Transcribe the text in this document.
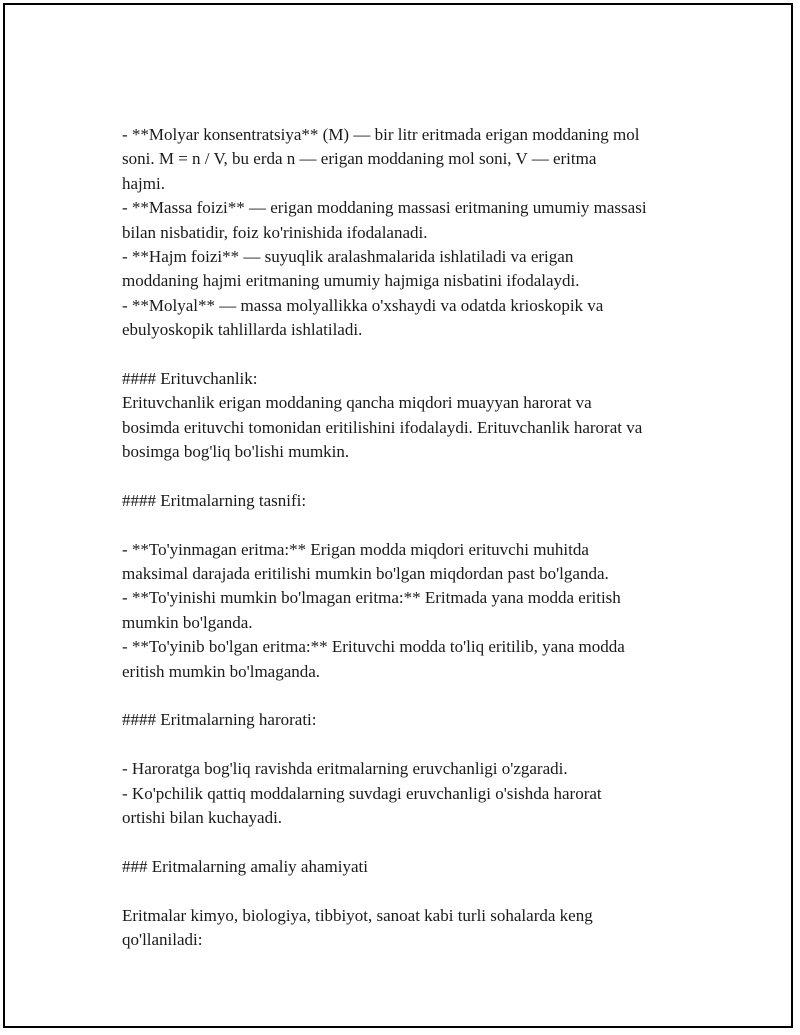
- **Molyar konsentratsiya** (M) — bir litr eritmada erigan moddaning mol
soni. M = n / V, bu erda n — erigan moddaning mol soni, V — eritma
hajmi.
- **Massa foizi** — erigan moddaning massasi eritmaning umumiy massasi
bilan nisbatidir, foiz ko'rinishida ifodalanadi.
- **Hajm foizi** — suyuqlik aralashmalarida ishlatiladi va erigan
moddaning hajmi eritmaning umumiy hajmiga nisbatini ifodalaydi.
- **Molyal** — massa molyallikka o'xshaydi va odatda krioskopik va
ebulyoskopik tahlillarda ishlatiladi.
#### Erituvchanlik:
Erituvchanlik erigan moddaning qancha miqdori muayyan harorat va
bosimda erituvchi tomonidan eritilishini ifodalaydi. Erituvchanlik harorat va
bosimga bog'liq bo'lishi mumkin.
#### Eritmalarning tasnifi:
- **To'yinmagan eritma:** Erigan modda miqdori erituvchi muhitda
maksimal darajada eritilishi mumkin bo'lgan miqdordan past bo'lganda.
- **To'yinishi mumkin bo'lmagan eritma:** Eritmada yana modda eritish
mumkin bo'lganda.
- **To'yinib bo'lgan eritma:** Erituvchi modda to'liq eritilib, yana modda
eritish mumkin bo'lmaganda.
#### Eritmalarning harorati:
- Haroratga bog'liq ravishda eritmalarning eruvchanligi o'zgaradi.
- Ko'pchilik qattiq moddalarning suvdagi eruvchanligi o'sishda harorat
ortishi bilan kuchayadi.
### Eritmalarning amaliy ahamiyati
Eritmalar kimyo, biologiya, tibbiyot, sanoat kabi turli sohalarda keng
qo'llaniladi:
